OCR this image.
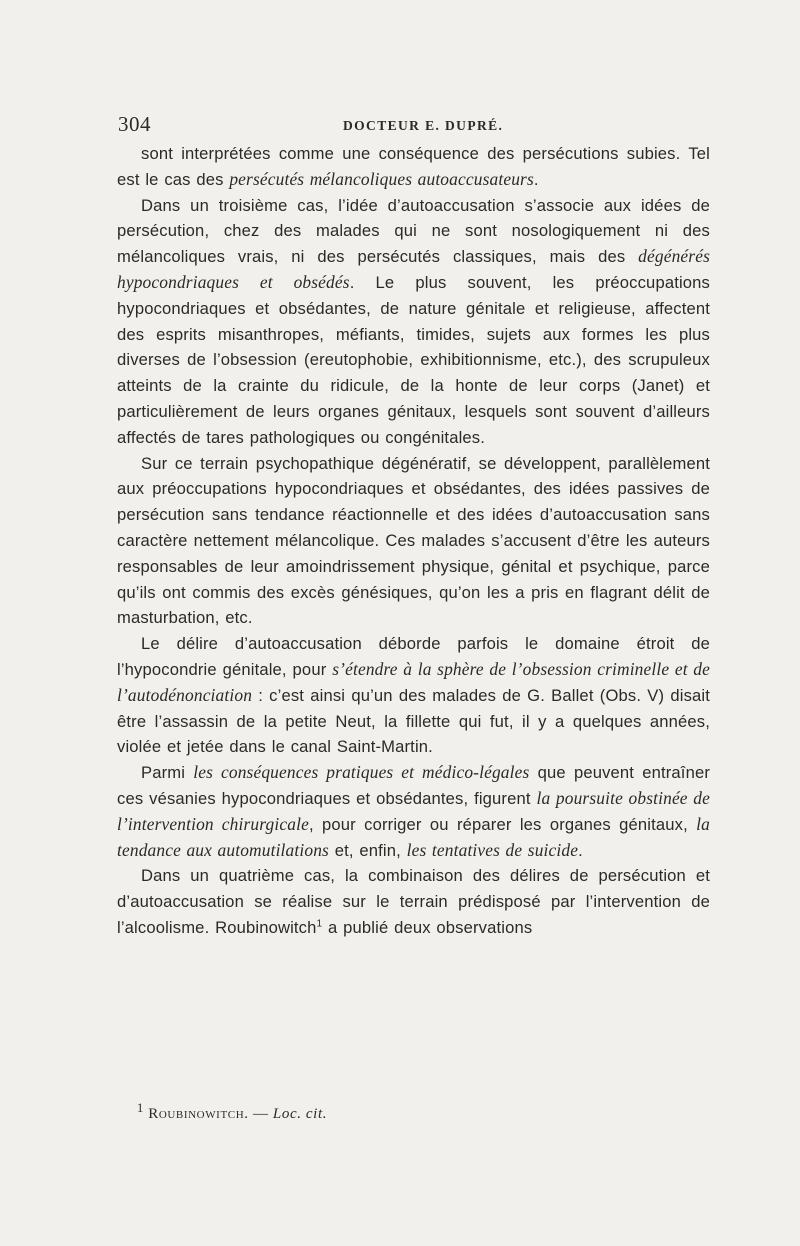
304	DOCTEUR E. DUPRÉ.

sont interprétées comme une conséquence des persécutions subies. Tel est le cas des persécutés mélancoliques autoaccusateurs.

Dans un troisième cas, l’idée d’autoaccusation s’associe aux idées de persécution, chez des malades qui ne sont nosologiquement ni des mélancoliques vrais, ni des persécutés classiques, mais des dégénérés hypocondriaques et obsédés. Le plus souvent, les préoccupations hypocondriaques et obsédantes, de nature génitale et religieuse, affectent des esprits misanthropes, méfiants, timides, sujets aux formes les plus diverses de l’obsession (ereutophobie, exhibitionnisme, etc.), des scrupuleux atteints de la crainte du ridicule, de la honte de leur corps (Janet) et particulièrement de leurs organes génitaux, lesquels sont souvent d’ailleurs affectés de tares pathologiques ou congénitales.

Sur ce terrain psychopathique dégénératif, se développent, parallèlement aux préoccupations hypocondriaques et obsédantes, des idées passives de persécution sans tendance réactionnelle et des idées d’autoaccusation sans caractère nettement mélancolique. Ces malades s’accusent d’être les auteurs responsables de leur amoindrissement physique, génital et psychique, parce qu’ils ont commis des excès génésiques, qu’on les a pris en flagrant délit de masturbation, etc.

Le délire d’autoaccusation déborde parfois le domaine étroit de l’hypocondrie génitale, pour s’étendre à la sphère de l’obsession criminelle et de l’autodénonciation : c’est ainsi qu’un des malades de G. Ballet (Obs. V) disait être l’assassin de la petite Neut, la fillette qui fut, il y a quelques années, violée et jetée dans le canal Saint-Martin.

Parmi les conséquences pratiques et médico-légales que peuvent entraîner ces vésanies hypocondriaques et obsédantes, figurent la poursuite obstinée de l’intervention chirurgicale, pour corriger ou réparer les organes génitaux, la tendance aux automutilations et, enfin, les tentatives de suicide.

Dans un quatrième cas, la combinaison des délires de persécution et d’autoaccusation se réalise sur le terrain prédisposé par l’intervention de l’alcoolisme. Roubinowitch$^1$ a publié deux observations

$^1$ Roubinowitch. — Loc. cit.
